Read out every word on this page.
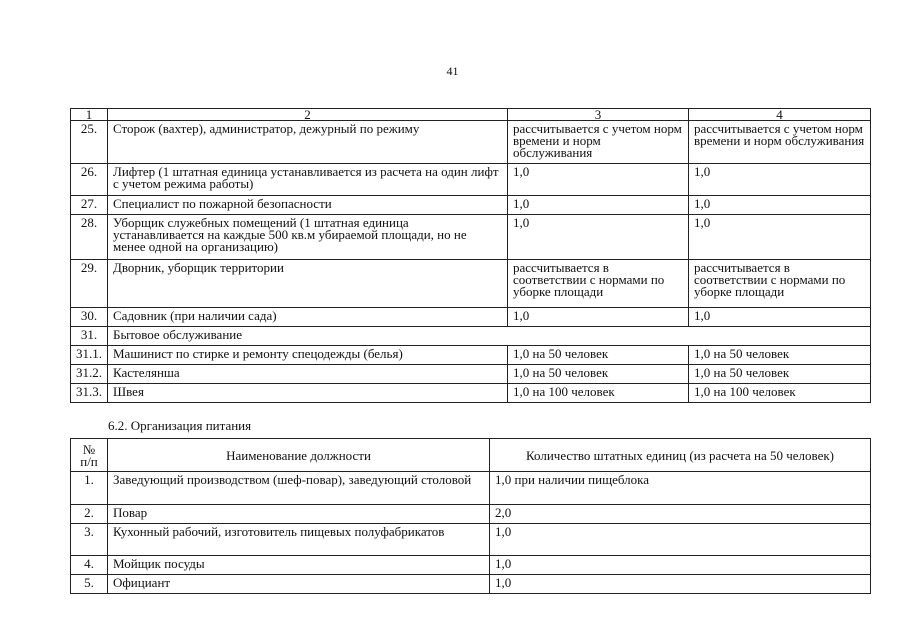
41
1	2	3	4
25.	Сторож (вахтер), администратор, дежурный по режиму	рассчитывается с учетом норм времени и норм обслуживания	рассчитывается с учетом норм времени и норм обслуживания
26.	Лифтер (1 штатная единица устанавливается из расчета на один лифт с учетом режима работы)	1,0	1,0
27.	Специалист по пожарной безопасности	1,0	1,0
28.	Уборщик служебных помещений (1 штатная единица устанавливается на каждые 500 кв.м убираемой площади, но не менее одной на организацию)	1,0	1,0
29.	Дворник, уборщик территории	рассчитывается в соответствии с нормами по уборке площади	рассчитывается в соответствии с нормами по уборке площади
30.	Садовник (при наличии сада)	1,0	1,0
31.	Бытовое обслуживание		
31.1.	Машинист по стирке и ремонту спецодежды (белья)	1,0 на 50 человек	1,0 на 50 человек
31.2.	Кастелянша	1,0 на 50 человек	1,0 на 50 человек
31.3.	Швея	1,0 на 100 человек	1,0 на 100 человек
6.2. Организация питания
№ п/п	Наименование должности	Количество штатных единиц (из расчета на 50 человек)
1.	Заведующий производством (шеф-повар), заведующий столовой	1,0 при наличии пищеблока
2.	Повар	2,0
3.	Кухонный рабочий, изготовитель пищевых полуфабрикатов	1,0
4.	Мойщик посуды	1,0
5.	Официант	1,0
